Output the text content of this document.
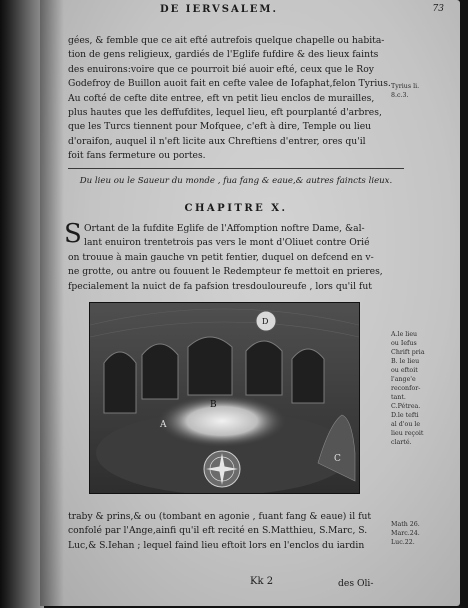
DE IERVSALEM.	73
gées, & femble que ce ait efté autrefois quelque chapelle ou habita-
tion de gens religieux, gardiés de l'Eglife fufdire & des lieux faints
des enuirons:voire que ce pourroit bié auoir efté, ceux que le Roy
Godefroy de Buillon auoit fait en cefte valee de Iofaphat,felon Tyrius.
Au cofté de cefte dite entree, eft vn petit lieu enclos de murailles,
plus hautes que les deffufdites, lequel lieu, eft pourplanté d'arbres,
que les Turcs tiennent pour Mofquee, c'eft à dire, Temple ou lieu
d'oraifon, auquel il n'eft licite aux Chreftiens d'entrer, ores qu'il
foit fans fermeture ou portes.
Tyrius li.
8.c.3.
Du lieu ou le Saueur du monde , fua fang & eaue,& autres faincts lieux.
CHAPITRE X.
S Ortant de la fufdite Eglife de l'Affomption noftre Dame, &al-
lant enuiron trentetrois pas vers le mont d'Oliuet contre Orié
on trouue à main gauche vn petit fentier, duquel on defcend en v-
ne grotte, ou antre ou fouuent le Redempteur fe mettoit en prieres,
fpecialement la nuict de fa pafsion tresdouloureufe , lors qu'il fut
A
B
C
D
A.le lieu
ou Iefus
Chrift pria
B. le lieu
ou eftoit
l'ange'e
reconfor-
tant.
C.Pétrea.
D.le tefti
al d'ou le
lieu reçoit
clarté.
traby & prins,& ou (tombant en agonie , fuant fang & eaue) il fut
confolé par l'Ange,ainfi qu'il eft recité en S.Matthieu, S.Marc, S.
Luc,& S.Iehan ; lequel faind lieu eftoit lors en l'enclos du iardin
Math 26.
Marc.24.
Luc.22.
Kk 2	des Oli-
